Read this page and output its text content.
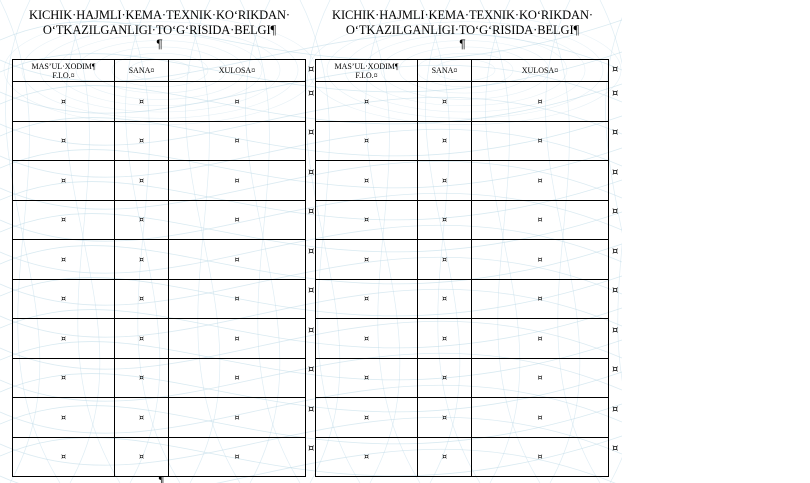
KICHIK·HAJMLI·KEMA·TEXNIK·KO‘RIKDAN·
O‘TKAZILGANLIGI·TO‘G‘RISIDA·BELGI¶
¶
MAS’UL·XODIM¶
F.I.O.¤	SANA¤	XULOSA¤
¤	¤	¤
¤	¤	¤
¤	¤	¤
¤	¤	¤
¤	¤	¤
¤	¤	¤
¤	¤	¤
¤	¤	¤
¤	¤	¤
¤	¤	¤
KICHIK·HAJMLI·KEMA·TEXNIK·KO‘RIKDAN·
O‘TKAZILGANLIGI·TO‘G‘RISIDA·BELGI¶
¶
MAS’UL·XODIM¶
F.I.O.¤	SANA¤	XULOSA¤
¤	¤	¤
¤	¤	¤
¤	¤	¤
¤	¤	¤
¤	¤	¤
¤	¤	¤
¤	¤	¤
¤	¤	¤
¤	¤	¤
¤	¤	¤
¶
¤	¤
¤	¤
¤	¤
¤	¤
¤	¤
¤	¤
¤	¤
¤	¤
¤	¤
¤	¤
¤	¤
